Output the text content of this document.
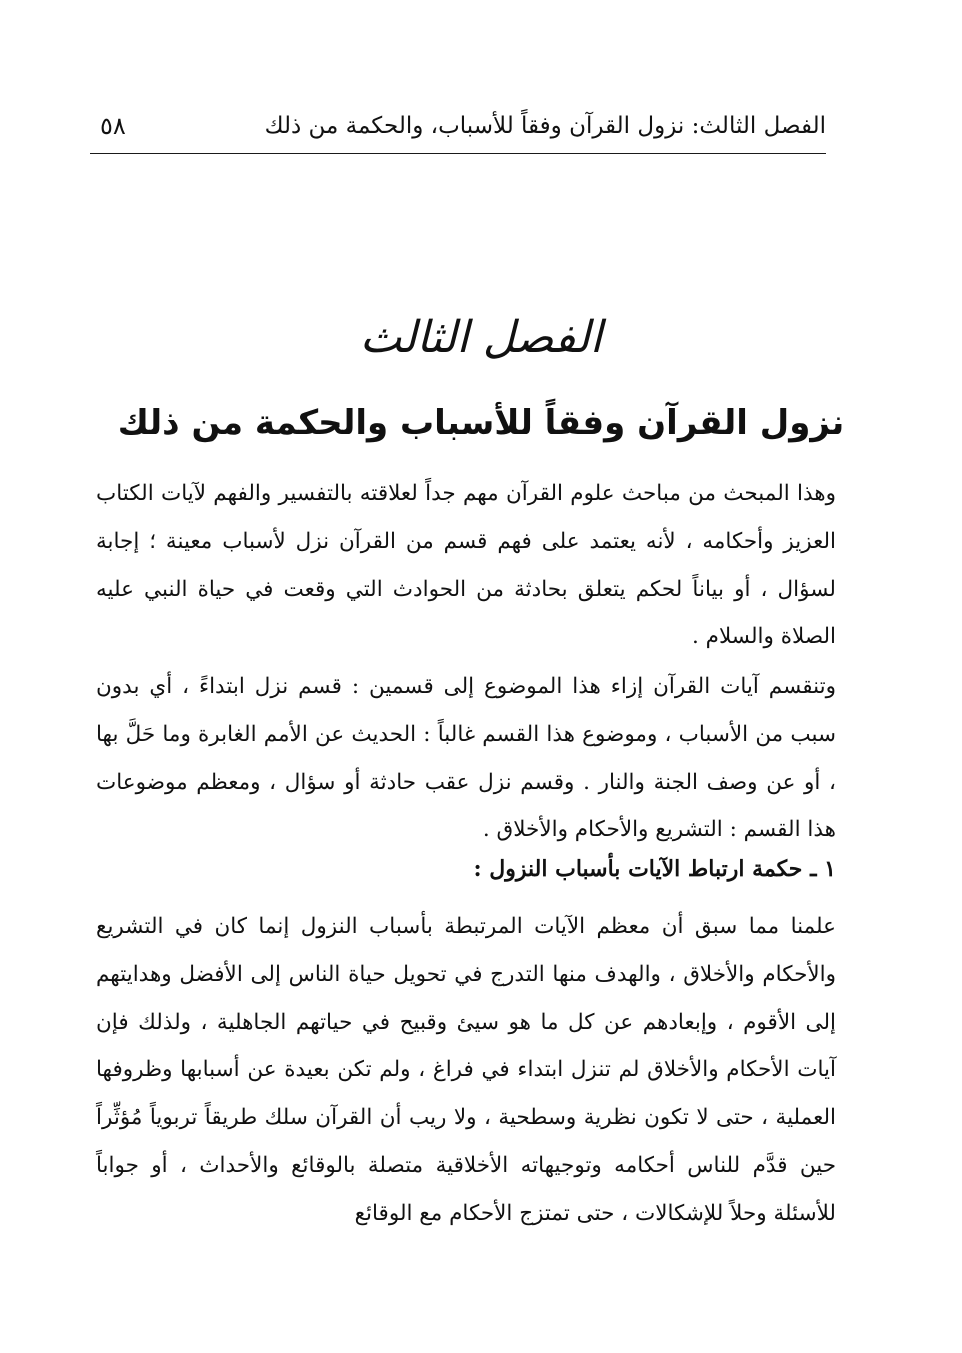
الفصل الثالث: نزول القرآن وفقاً للأسباب، والحكمة من ذلك
٥٨
الفصل الثالث
نزول القرآن وفقاً للأسباب والحكمة من ذلك

وهذا المبحث من مباحث علوم القرآن مهم جداً لعلاقته بالتفسير والفهم لآيات الكتاب العزيز وأحكامه ، لأنه يعتمد على فهم قسم من القرآن نزل لأسباب معينة ؛ إجابة لسؤال ، أو بياناً لحكم يتعلق بحادثة من الحوادث التي وقعت في حياة النبي عليه الصلاة والسلام .

وتنقسم آيات القرآن إزاء هذا الموضوع إلى قسمين : قسم نزل ابتداءً ، أي بدون سبب من الأسباب ، وموضوع هذا القسم غالباً : الحديث عن الأمم الغابرة وما حَلَّ بها ، أو عن وصف الجنة والنار . وقسم نزل عقب حادثة أو سؤال ، ومعظم موضوعات هذا القسم : التشريع والأحكام والأخلاق .

١ ـ حكمة ارتباط الآيات بأسباب النزول :

علمنا مما سبق أن معظم الآيات المرتبطة بأسباب النزول إنما كان في التشريع والأحكام والأخلاق ، والهدف منها التدرج في تحويل حياة الناس إلى الأفضل وهدايتهم إلى الأقوم ، وإبعادهم عن كل ما هو سيئ وقبيح في حياتهم الجاهلية ، ولذلك فإن آيات الأحكام والأخلاق لم تنزل ابتداء في فراغ ، ولم تكن بعيدة عن أسبابها وظروفها العملية ، حتى لا تكون نظرية وسطحية ، ولا ريب أن القرآن سلك طريقاً تربوياً مُؤثِّراً حين قدَّم للناس أحكامه وتوجيهاته الأخلاقية متصلة بالوقائع والأحداث ، أو جواباً للأسئلة وحلاً للإشكالات ، حتى تمتزج الأحكام مع الوقائع
